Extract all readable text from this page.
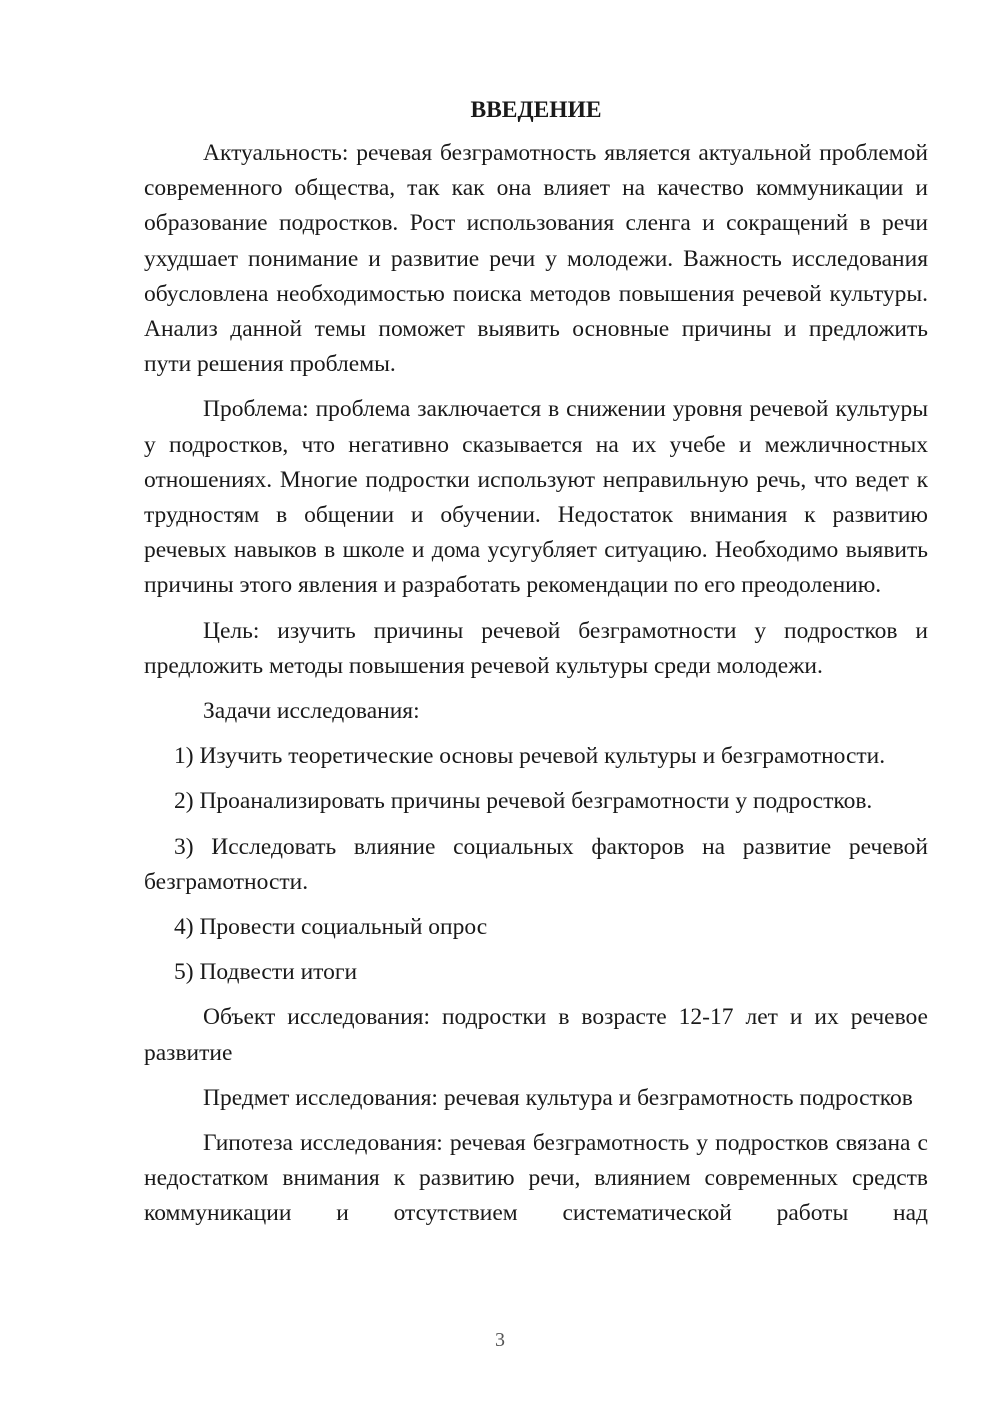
ВВЕДЕНИЕ

Актуальность: речевая безграмотность является актуальной проблемой современного общества, так как она влияет на качество коммуникации и образование подростков. Рост использования сленга и сокращений в речи ухудшает понимание и развитие речи у молодежи. Важность исследования обусловлена необходимостью поиска методов повышения речевой культуры. Анализ данной темы поможет выявить основные причины и предложить пути решения проблемы.

Проблема: проблема заключается в снижении уровня речевой культуры у подростков, что негативно сказывается на их учебе и межличностных отношениях. Многие подростки используют неправильную речь, что ведет к трудностям в общении и обучении. Недостаток внимания к развитию речевых навыков в школе и дома усугубляет ситуацию. Необходимо выявить причины этого явления и разработать рекомендации по его преодолению.

Цель: изучить причины речевой безграмотности у подростков и предложить методы повышения речевой культуры среди молодежи.

Задачи исследования:

1) Изучить теоретические основы речевой культуры и безграмотности.

2) Проанализировать причины речевой безграмотности у подростков.

3) Исследовать влияние социальных факторов на развитие речевой безграмотности.

4) Провести социальный опрос

5) Подвести итоги

Объект исследования: подростки в возрасте 12-17 лет и их речевое развитие

Предмет исследования: речевая культура и безграмотность подростков

Гипотеза исследования: речевая безграмотность у подростков связана с недостатком внимания к развитию речи, влиянием современных средств коммуникации и отсутствием систематической работы над

3
